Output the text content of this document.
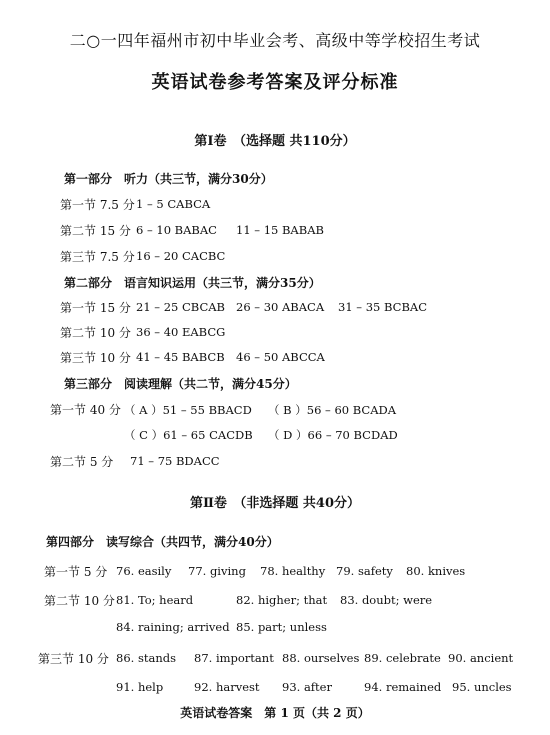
二○一四年福州市初中毕业会考、高级中等学校招生考试
英语试卷参考答案及评分标准
第Ⅰ卷　（选择题 共110分）
第一部分　听力（共三节，满分30分）
第一节 7.5 分 1 – 5 CABCA
第二节 15 分 6 – 10 BABAC 11 – 15 BABAB
第三节 7.5 分 16 – 20 CACBC
第二部分　语言知识运用（共三节，满分35分）
第一节 15 分 21 – 25 CBCAB 26 – 30 ABACA 31 – 35 BCBAC
第二节 10 分 36 – 40 EABCG
第三节 10 分 41 – 45 BABCB 46 – 50 ABCCA
第三部分　阅读理解（共二节，满分45分）
第一节 40 分 （ A ）51 – 55 BBACD （ B ）56 – 60 BCADA
（ C ）61 – 65 CACDB （ D ）66 – 70 BCDAD
第二节 5 分 71 – 75 BDACC
第Ⅱ卷　（非选择题 共40分）
第四部分　读写综合（共四节，满分40分）
第一节 5 分 76. easily 77. giving 78. healthy 79. safety 80. knives
第二节 10 分 81. To; heard	82. higher; that 83. doubt; were
84. raining; arrived 85. part; unless
第三节 10 分 86. stands 87. important 88. ourselves 89. celebrate 90. ancient
91. help	92. harvest 93. after	94. remained 95. uncles
英语试卷答案　第 1 页（共 2 页）
